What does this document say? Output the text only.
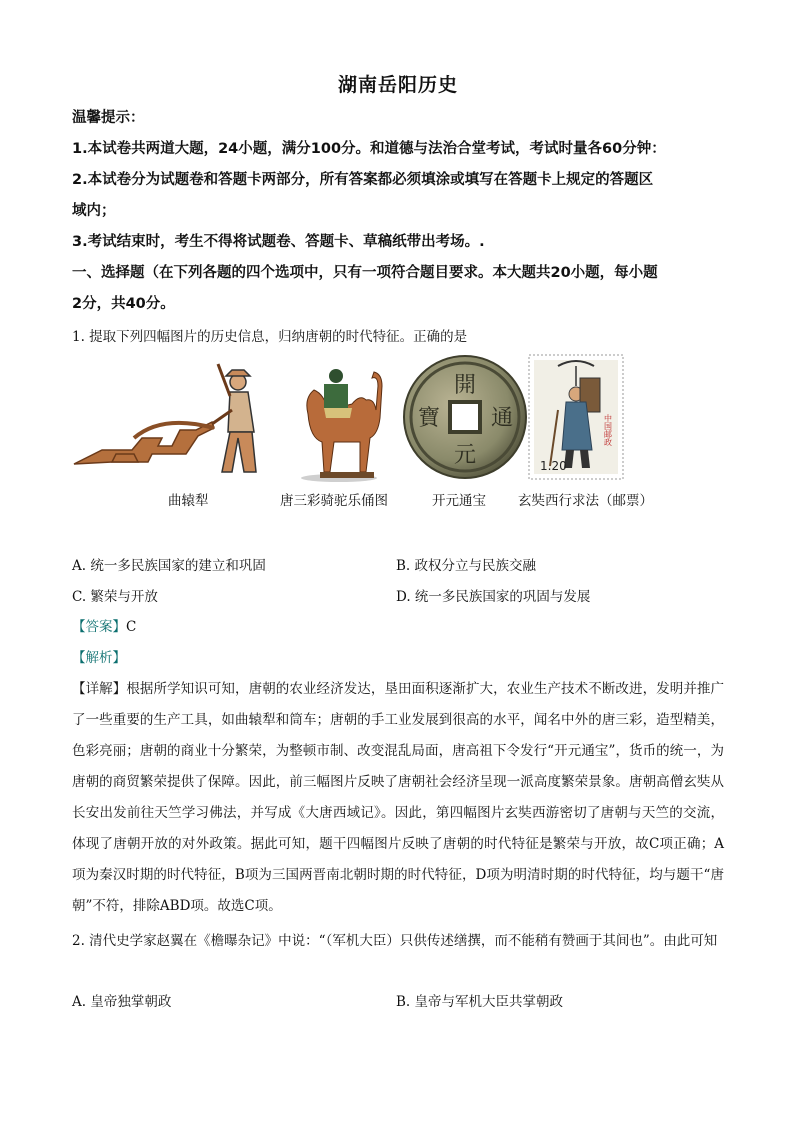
湖南岳阳历史
温馨提示：
1.本试卷共两道大题，24小题，满分100分。和道德与法治合堂考试，考试时量各60分钟：
2.本试卷分为试题卷和答题卡两部分，所有答案都必须填涂或填写在答题卡上规定的答题区
域内；
3.考试结束时，考生不得将试题卷、答题卡、草稿纸带出考场。.
一、选择题（在下列各题的四个选项中，只有一项符合题目要求。本大题共20小题，每小题
2分，共40分。
1. 提取下列四幅图片的历史信息，归纳唐朝的时代特征。正确的是
開
元
通
寶
1.20
中国邮政
曲辕犁	唐三彩骑驼乐俑图	开元通宝 玄奘西行求法（邮票）
A. 统一多民族国家的建立和巩固	B. 政权分立与民族交融
C. 繁荣与开放	D. 统一多民族国家的巩固与发展
【答案】C
【解析】
【详解】根据所学知识可知，唐朝的农业经济发达，垦田面积逐渐扩大，农业生产技术不断改进，发明并推广了一些重要的生产工具，如曲辕犁和筒车；唐朝的手工业发展到很高的水平，闻名中外的唐三彩，造型精美，色彩亮丽；唐朝的商业十分繁荣，为整顿市制、改变混乱局面，唐高祖下令发行“开元通宝”，货币的统一，为唐朝的商贸繁荣提供了保障。因此，前三幅图片反映了唐朝社会经济呈现一派高度繁荣景象。唐朝高僧玄奘从长安出发前往天竺学习佛法，并写成《大唐西域记》。因此，第四幅图片玄奘西游密切了唐朝与天竺的交流，体现了唐朝开放的对外政策。据此可知，题干四幅图片反映了唐朝的时代特征是繁荣与开放，故C项正确；A项为秦汉时期的时代特征，B项为三国两晋南北朝时期的时代特征，D项为明清时期的时代特征，均与题干“唐朝”不符，排除ABD项。故选C项。
2. 清代史学家赵翼在《檐曝杂记》中说：“（军机大臣）只供传述缮撰，而不能稍有赞画于其间也”。由此可知
A. 皇帝独掌朝政	B. 皇帝与军机大臣共掌朝政
